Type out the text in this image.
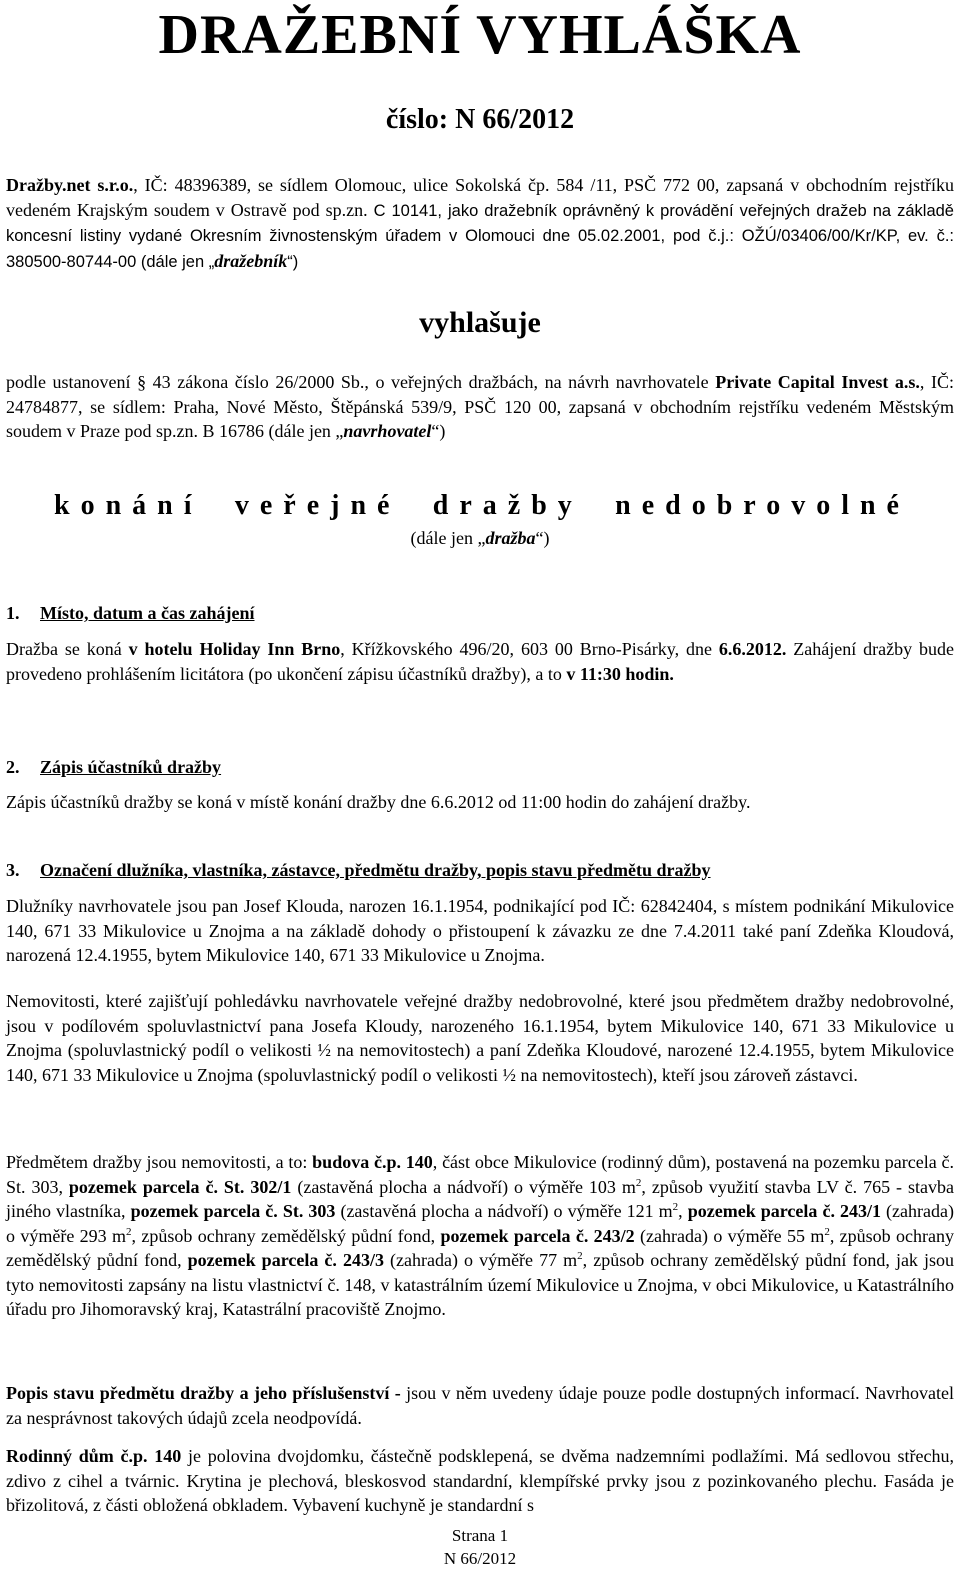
DRAŽEBNÍ VYHLÁŠKA
číslo: N 66/2012

Dražby.net s.r.o., IČ: 48396389, se sídlem Olomouc, ulice Sokolská čp. 584 /11, PSČ 772 00, zapsaná v obchodním rejstříku vedeném Krajským soudem v Ostravě pod sp.zn. C 10141, jako dražebník oprávněný k provádění veřejných dražeb na základě koncesní listiny vydané Okresním živnostenským úřadem v Olomouci dne 05.02.2001, pod č.j.: OŽÚ/03406/00/Kr/KP, ev. č.: 380500-80744-00 (dále jen „dražebník“)

vyhlašuje

podle ustanovení § 43 zákona číslo 26/2000 Sb., o veřejných dražbách, na návrh navrhovatele Private Capital Invest a.s., IČ: 24784877, se sídlem: Praha, Nové Město, Štěpánská 539/9, PSČ 120 00, zapsaná v obchodním rejstříku vedeném Městským soudem v Praze pod sp.zn. B 16786 (dále jen „navrhovatel“)

konání veřejné dražby nedobrovolné
(dále jen „dražba“)
1. Místo, datum a čas zahájení

Dražba se koná v hotelu Holiday Inn Brno, Křížkovského 496/20, 603 00 Brno-Pisárky, dne 6.6.2012. Zahájení dražby bude provedeno prohlášením licitátora (po ukončení zápisu účastníků dražby), a to v 11:30 hodin.

2. Zápis účastníků dražby

Zápis účastníků dražby se koná v místě konání dražby dne 6.6.2012 od 11:00 hodin do zahájení dražby.

3. Označení dlužníka, vlastníka, zástavce, předmětu dražby, popis stavu předmětu dražby

Dlužníky navrhovatele jsou pan Josef Klouda, narozen 16.1.1954, podnikající pod IČ: 62842404, s místem podnikání Mikulovice 140, 671 33 Mikulovice u Znojma a na základě dohody o přistoupení k závazku ze dne 7.4.2011 také paní Zdeňka Kloudová, narozená 12.4.1955, bytem Mikulovice 140, 671 33 Mikulovice u Znojma.

Nemovitosti, které zajišťují pohledávku navrhovatele veřejné dražby nedobrovolné, které jsou předmětem dražby nedobrovolné, jsou v podílovém spoluvlastnictví pana Josefa Kloudy, narozeného 16.1.1954, bytem Mikulovice 140, 671 33 Mikulovice u Znojma (spoluvlastnický podíl o velikosti ½ na nemovitostech) a paní Zdeňka Kloudové, narozené 12.4.1955, bytem Mikulovice 140, 671 33 Mikulovice u Znojma (spoluvlastnický podíl o velikosti ½ na nemovitostech), kteří jsou zároveň zástavci.

Předmětem dražby jsou nemovitosti, a to: budova č.p. 140, část obce Mikulovice (rodinný dům), postavená na pozemku parcela č. St. 303, pozemek parcela č. St. 302/1 (zastavěná plocha a nádvoří) o výměře 103 $m^2$, způsob využití stavba LV č. 765 - stavba jiného vlastníka, pozemek parcela č. St. 303 (zastavěná plocha a nádvoří) o výměře 121 $m^2$, pozemek parcela č. 243/1 (zahrada) o výměře 293 $m^2$, způsob ochrany zemědělský půdní fond, pozemek parcela č. 243/2 (zahrada) o výměře 55 $m^2$, způsob ochrany zemědělský půdní fond, pozemek parcela č. 243/3 (zahrada) o výměře 77 $m^2$, způsob ochrany zemědělský půdní fond, jak jsou tyto nemovitosti zapsány na listu vlastnictví č. 148, v katastrálním území Mikulovice u Znojma, v obci Mikulovice, u Katastrálního úřadu pro Jihomoravský kraj, Katastrální pracoviště Znojmo.

Popis stavu předmětu dražby a jeho příslušenství - jsou v něm uvedeny údaje pouze podle dostupných informací. Navrhovatel za nesprávnost takových údajů zcela neodpovídá.

Rodinný dům č.p. 140 je polovina dvojdomku, částečně podsklepená, se dvěma nadzemními podlažími. Má sedlovou střechu, zdivo z cihel a tvárnic. Krytina je plechová, bleskosvod standardní, klempířské prvky jsou z pozinkovaného plechu. Fasáda je břizolitová, z části obložená obkladem. Vybavení kuchyně je standardní s

Strana 1
N 66/2012
